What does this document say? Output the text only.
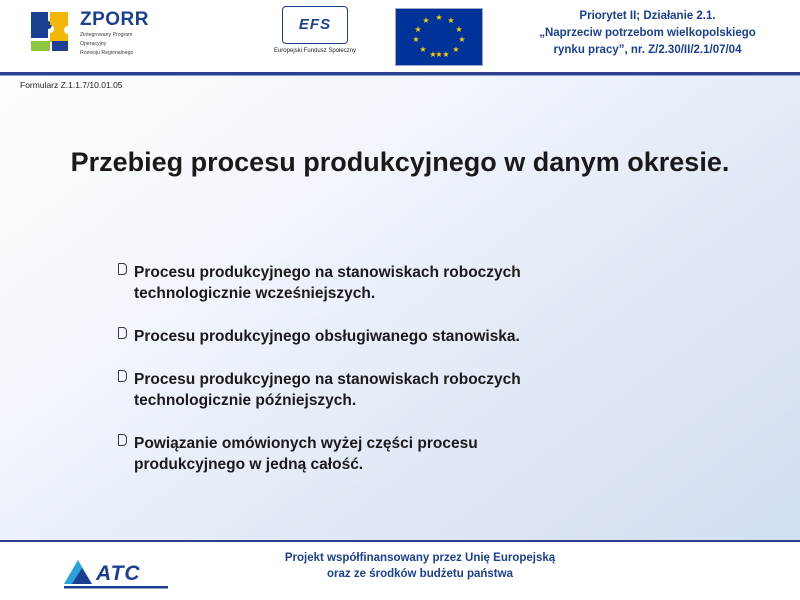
ZPORR
Zintegrowany Program
Operacyjny
Rozwoju Regionalnego
EFS
Europejski Fundusz Społeczny
★ ★
★
★
★
★
★
★
★
★
★
★
Priorytet II; Działanie 2.1.
„Naprzeciw potrzebom wielkopolskiego
rynku pracy”, nr. Z/2.30/II/2.1/07/04
Formularz Z.1.1.7/10.01.05
Przebieg procesu produkcyjnego w danym okresie.
Procesu produkcyjnego na stanowiskach roboczych
technologicznie wcześniejszych.
Procesu produkcyjnego obsługiwanego stanowiska.
Procesu produkcyjnego na stanowiskach roboczych
technologicznie późniejszych.
Powiązanie omówionych wyżej części procesu
produkcyjnego w jedną całość.
ATC
Projekt współfinansowany przez Unię Europejską
oraz ze środków budżetu państwa
